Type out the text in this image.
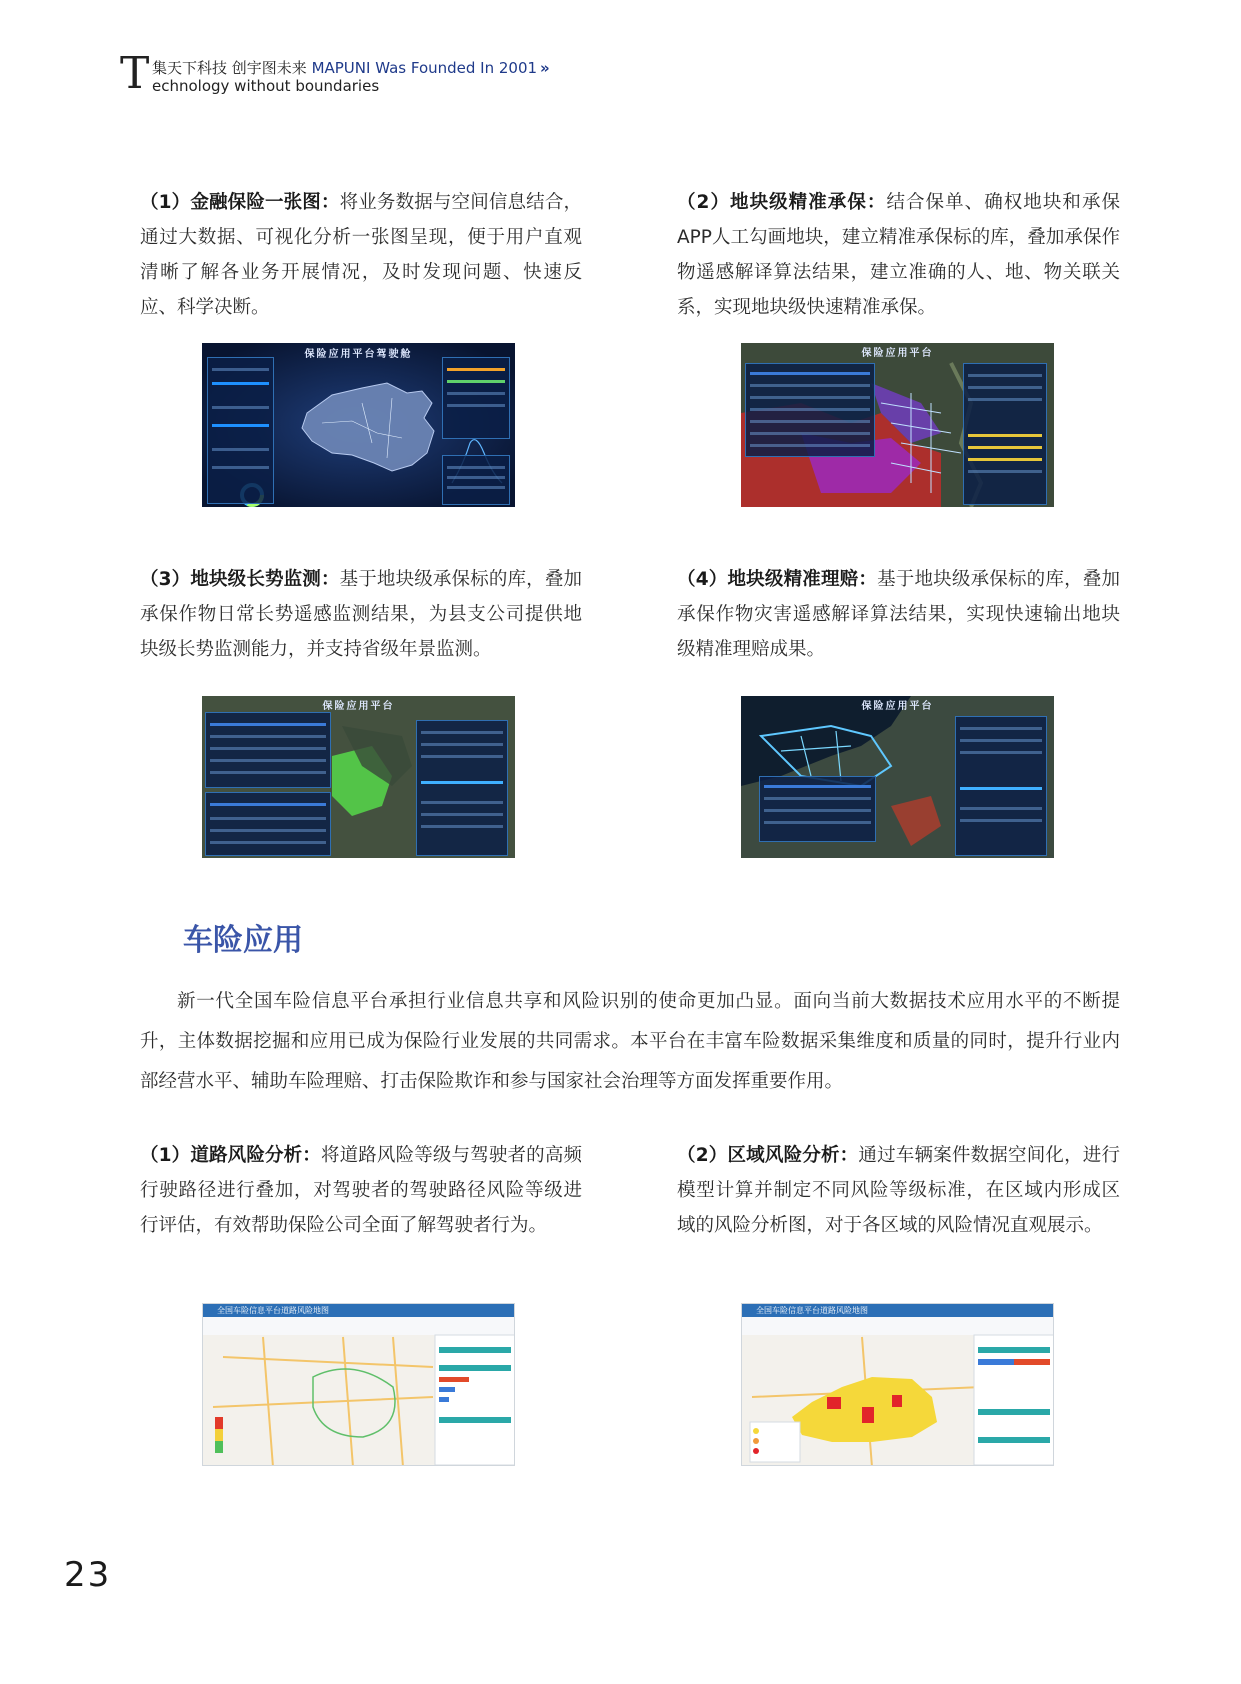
T 集天下科技 创宇图未来 MAPUNI Was Founded In 2001 »
echnology without boundaries

（1）金融保险一张图：将业务数据与空间信息结合，通过大数据、可视化分析一张图呈现，便于用户直观清晰了解各业务开展情况，及时发现问题、快速反应、科学决断。

（2）地块级精准承保：结合保单、确权地块和承保APP人工勾画地块，建立精准承保标的库，叠加承保作物遥感解译算法结果，建立准确的人、地、物关联关系，实现地块级快速精准承保。

保险应用平台驾驶舱	保险应用平台

（3）地块级长势监测：基于地块级承保标的库，叠加承保作物日常长势遥感监测结果，为县支公司提供地块级长势监测能力，并支持省级年景监测。

（4）地块级精准理赔：基于地块级承保标的库，叠加承保作物灾害遥感解译算法结果，实现快速输出地块级精准理赔成果。

保险应用平台	保险应用平台
车险应用

新一代全国车险信息平台承担行业信息共享和风险识别的使命更加凸显。面向当前大数据技术应用水平的不断提升，主体数据挖掘和应用已成为保险行业发展的共同需求。本平台在丰富车险数据采集维度和质量的同时，提升行业内部经营水平、辅助车险理赔、打击保险欺诈和参与国家社会治理等方面发挥重要作用。

（1）道路风险分析：将道路风险等级与驾驶者的高频行驶路径进行叠加，对驾驶者的驾驶路径风险等级进行评估，有效帮助保险公司全面了解驾驶者行为。

（2）区域风险分析：通过车辆案件数据空间化，进行模型计算并制定不同风险等级标准，在区域内形成区域的风险分析图，对于各区域的风险情况直观展示。

全国车险信息平台道路风险地图	全国车险信息平台道路风险地图
23
